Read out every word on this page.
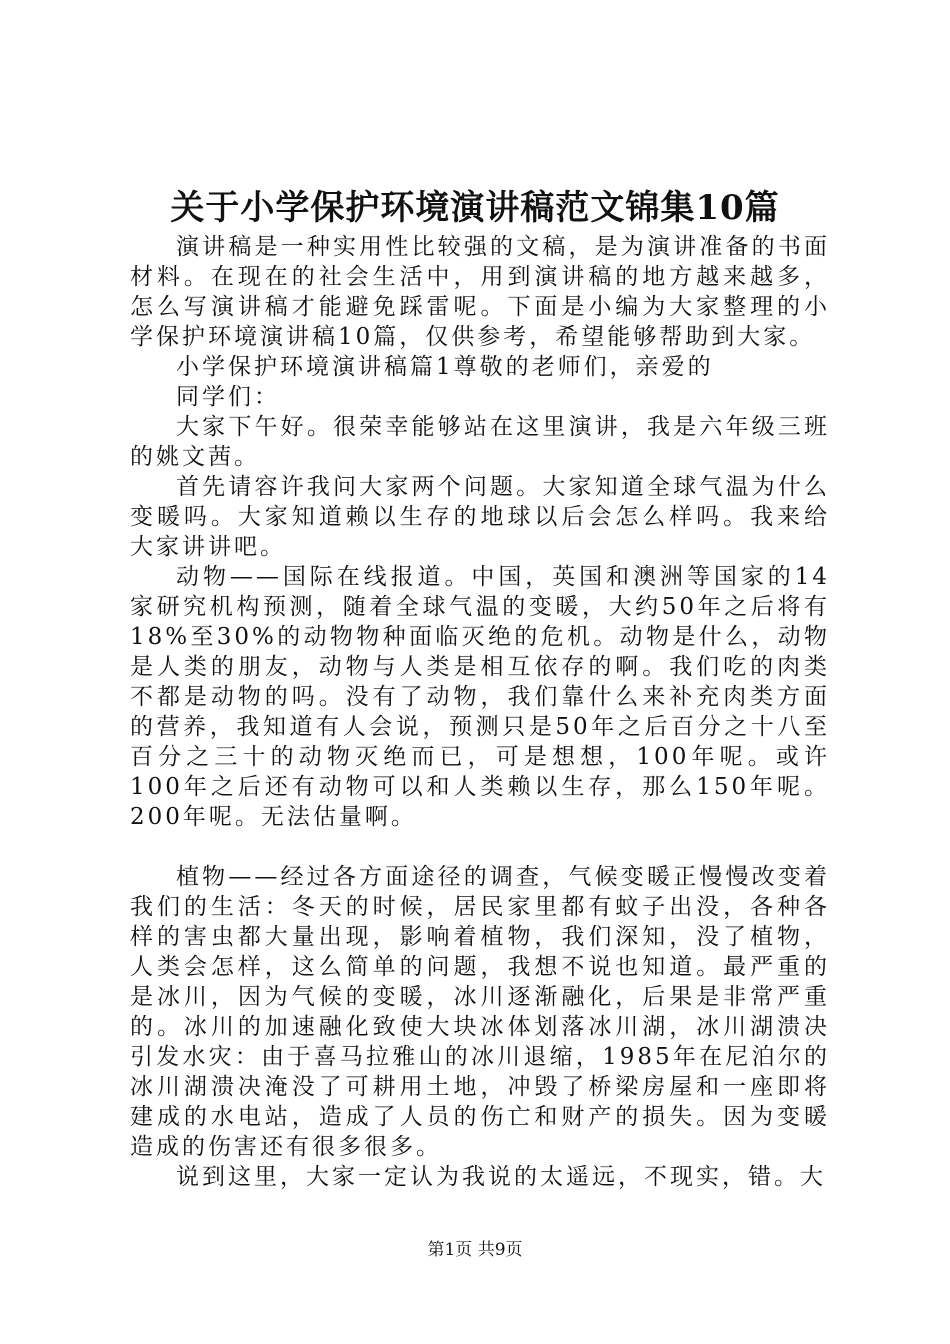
关于小学保护环境演讲稿范文锦集10篇

演讲稿是一种实用性比较强的文稿，是为演讲准备的书面材料。在现在的社会生活中，用到演讲稿的地方越来越多，怎么写演讲稿才能避免踩雷呢。下面是小编为大家整理的小学保护环境演讲稿10篇，仅供参考，希望能够帮助到大家。

小学保护环境演讲稿篇1尊敬的老师们，亲爱的

同学们：

大家下午好。很荣幸能够站在这里演讲，我是六年级三班的姚文茜。

首先请容许我问大家两个问题。大家知道全球气温为什么变暖吗。大家知道赖以生存的地球以后会怎么样吗。我来给大家讲讲吧。

动物——国际在线报道。中国，英国和澳洲等国家的14家研究机构预测，随着全球气温的变暖，大约50年之后将有18%至30%的动物物种面临灭绝的危机。动物是什么，动物是人类的朋友，动物与人类是相互依存的啊。我们吃的肉类不都是动物的吗。没有了动物，我们靠什么来补充肉类方面的营养，我知道有人会说，预测只是50年之后百分之十八至百分之三十的动物灭绝而已，可是想想，100年呢。或许100年之后还有动物可以和人类赖以生存，那么150年呢。200年呢。无法估量啊。

植物——经过各方面途径的调查，气候变暖正慢慢改变着我们的生活：冬天的时候，居民家里都有蚊子出没，各种各样的害虫都大量出现，影响着植物，我们深知，没了植物，人类会怎样，这么简单的问题，我想不说也知道。最严重的是冰川，因为气候的变暖，冰川逐渐融化，后果是非常严重的。冰川的加速融化致使大块冰体划落冰川湖，冰川湖溃决引发水灾：由于喜马拉雅山的冰川退缩，1985年在尼泊尔的冰川湖溃决淹没了可耕用土地，冲毁了桥梁房屋和一座即将建成的水电站，造成了人员的伤亡和财产的损失。因为变暖造成的伤害还有很多很多。

说到这里，大家一定认为我说的太遥远，不现实，错。大

第1页 共9页
